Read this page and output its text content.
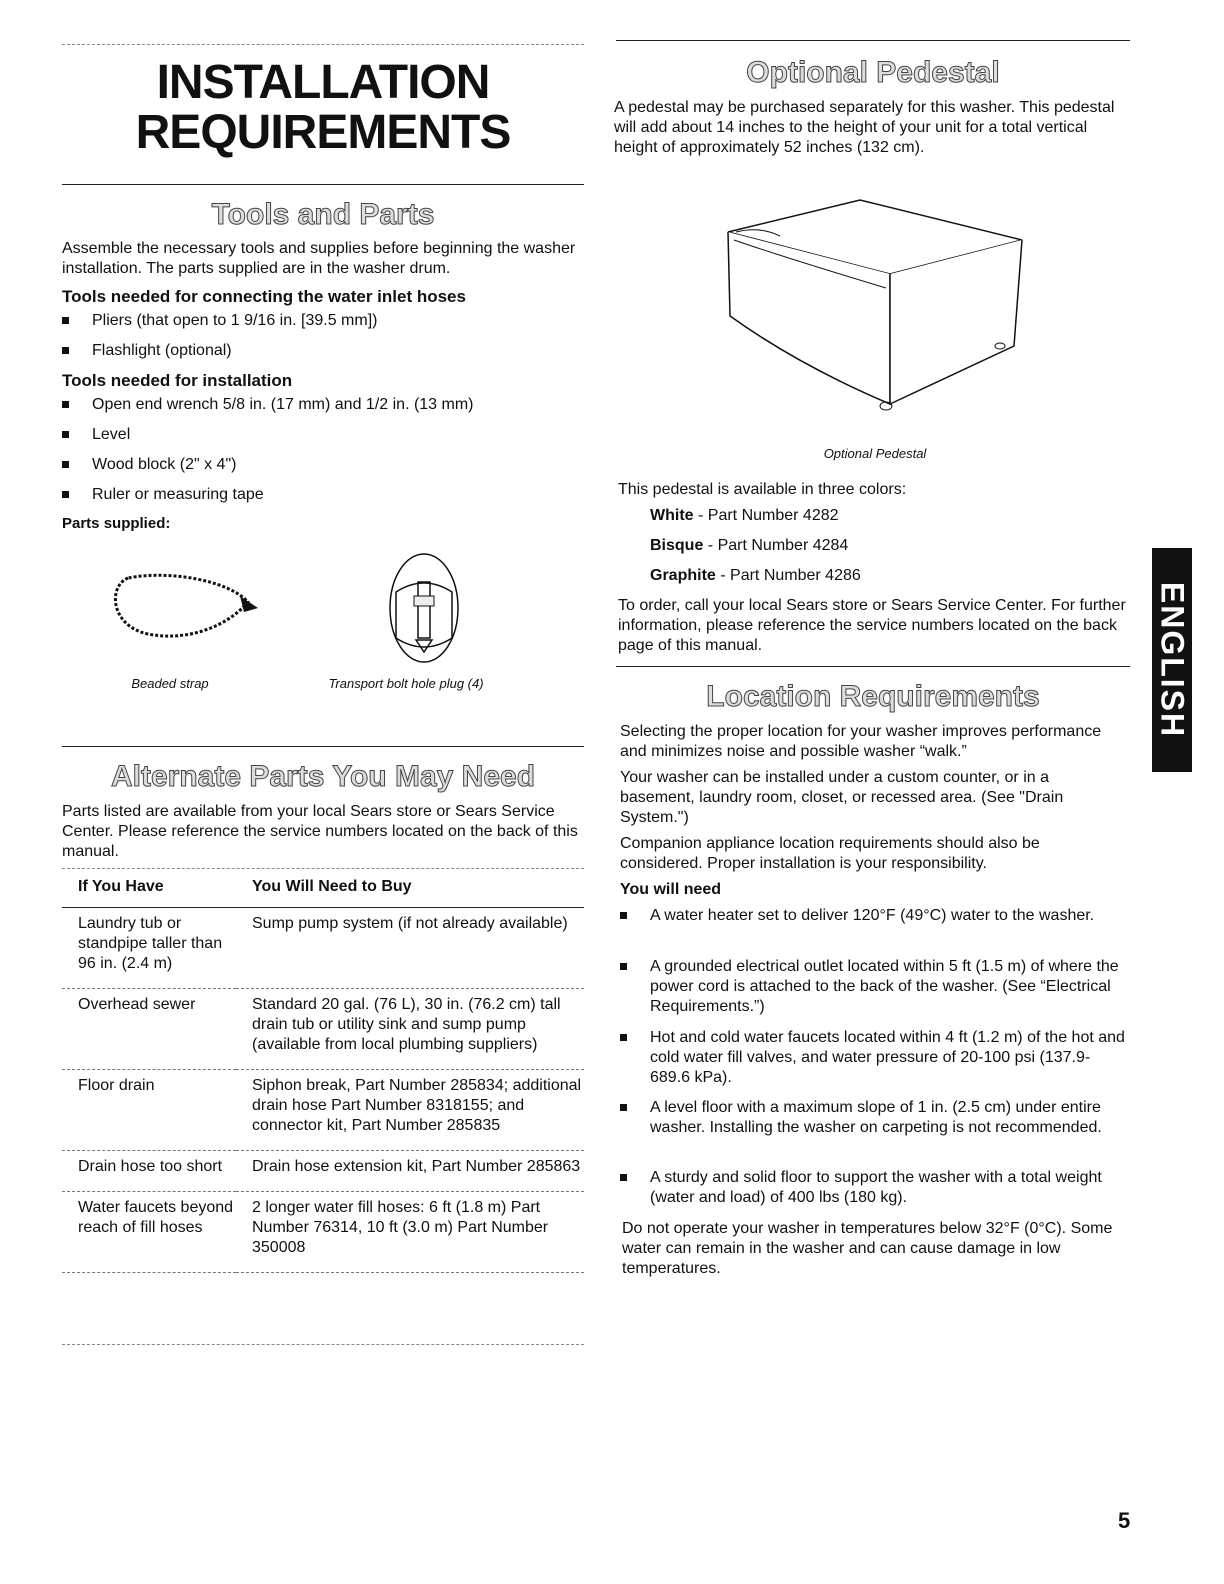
INSTALLATION
REQUIREMENTS
Tools and Parts
Assemble the necessary tools and supplies before beginning the washer installation. The parts supplied are in the washer drum.
Tools needed for connecting the water inlet hoses
Pliers (that open to 1 9/16 in. [39.5 mm])
Flashlight (optional)
Tools needed for installation
Open end wrench 5/8 in. (17 mm) and 1/2 in. (13 mm)
Level
Wood block (2" x 4")
Ruler or measuring tape
Parts supplied:
Beaded strap	Transport bolt hole plug (4)
Alternate Parts You May Need
Parts listed are available from your local Sears store or Sears Service Center. Please reference the service numbers located on the back of this manual.
If You Have	You Will Need to Buy
Laundry tub or standpipe taller than 96 in. (2.4 m)	Sump pump system (if not already available)
Overhead sewer	Standard 20 gal. (76 L), 30 in. (76.2 cm) tall drain tub or utility sink and sump pump (available from local plumbing suppliers)
Floor drain	Siphon break, Part Number 285834; additional drain hose Part Number 8318155; and connector kit, Part Number 285835
Drain hose too short	Drain hose extension kit, Part Number 285863
Water faucets beyond reach of fill hoses	2 longer water fill hoses: 6 ft (1.8 m) Part Number 76314, 10 ft (3.0 m) Part Number 350008
Optional Pedestal
A pedestal may be purchased separately for this washer. This pedestal will add about 14 inches to the height of your unit for a total vertical height of approximately 52 inches (132 cm).
Optional Pedestal
This pedestal is available in three colors:
White - Part Number 4282
Bisque - Part Number 4284
Graphite - Part Number 4286
To order, call your local Sears store or Sears Service Center. For further information, please reference the service numbers located on the back page of this manual.
Location Requirements
Selecting the proper location for your washer improves performance and minimizes noise and possible washer “walk.”
Your washer can be installed under a custom counter, or in a basement, laundry room, closet, or recessed area. (See "Drain System.")
Companion appliance location requirements should also be considered. Proper installation is your responsibility.
You will need
A water heater set to deliver 120°F (49°C) water to the washer.
A grounded electrical outlet located within 5 ft (1.5 m) of where the power cord is attached to the back of the washer. (See “Electrical Requirements.”)
Hot and cold water faucets located within 4 ft (1.2 m) of the hot and cold water fill valves, and water pressure of 20-100 psi (137.9-689.6 kPa).
A level floor with a maximum slope of 1 in. (2.5 cm) under entire washer. Installing the washer on carpeting is not recommended.
A sturdy and solid floor to support the washer with a total weight (water and load) of 400 lbs (180 kg).
Do not operate your washer in temperatures below 32°F (0°C). Some water can remain in the washer and can cause damage in low temperatures.
ENGLISH
5
